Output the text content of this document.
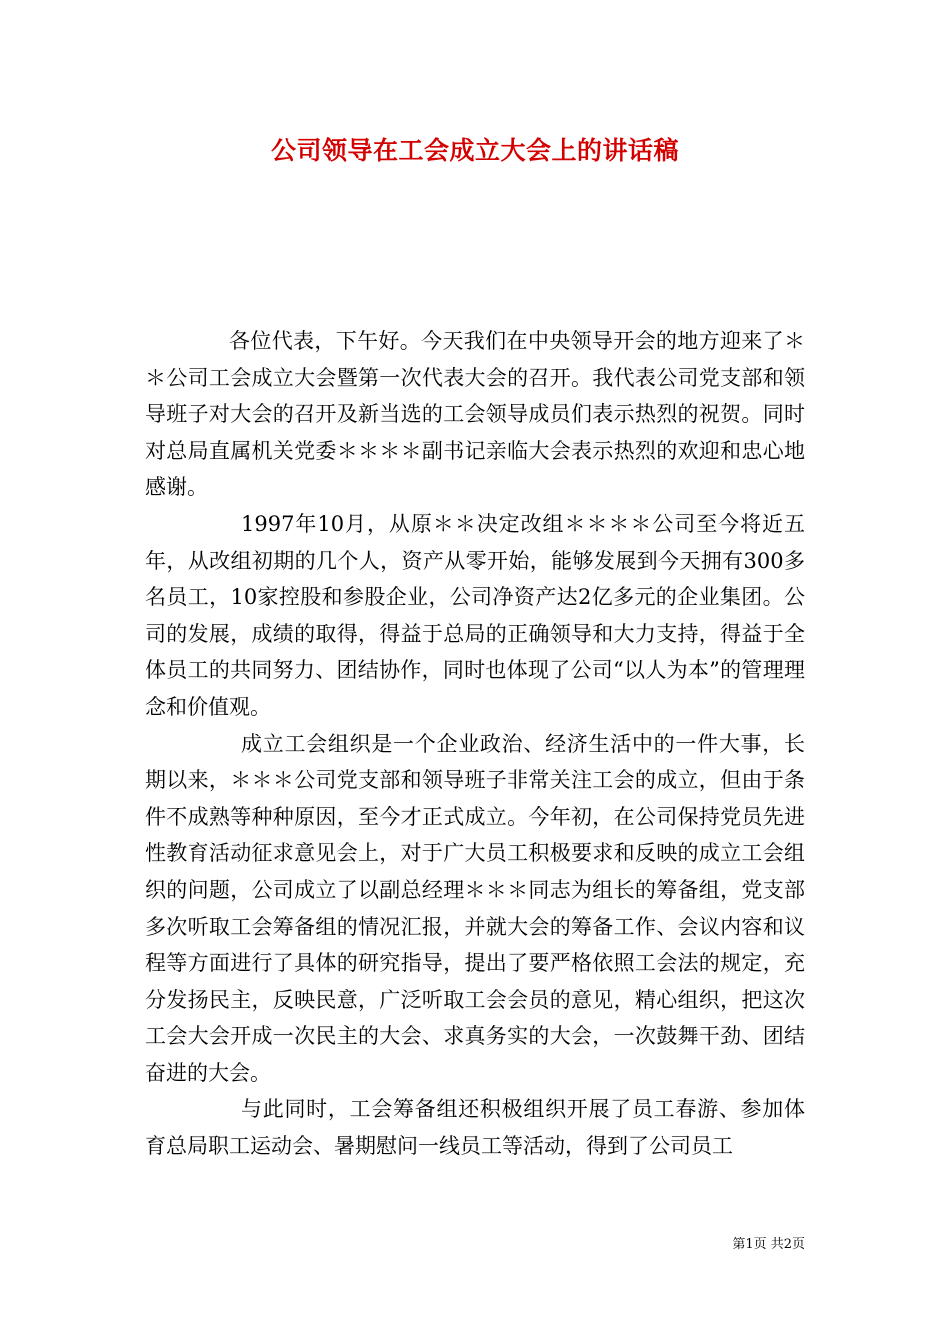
公司领导在工会成立大会上的讲话稿

各位代表，下午好。今天我们在中央领导开会的地方迎来了＊＊公司工会成立大会暨第一次代表大会的召开。我代表公司党支部和领导班子对大会的召开及新当选的工会领导成员们表示热烈的祝贺。同时对总局直属机关党委＊＊＊＊副书记亲临大会表示热烈的欢迎和忠心地感谢。

1997年10月，从原＊＊决定改组＊＊＊＊公司至今将近五年，从改组初期的几个人，资产从零开始，能够发展到今天拥有300多名员工，10家控股和参股企业，公司净资产达2亿多元的企业集团。公司的发展，成绩的取得，得益于总局的正确领导和大力支持，得益于全体员工的共同努力、团结协作，同时也体现了公司“以人为本”的管理理念和价值观。

成立工会组织是一个企业政治、经济生活中的一件大事，长期以来，＊＊＊公司党支部和领导班子非常关注工会的成立，但由于条件不成熟等种种原因，至今才正式成立。今年初，在公司保持党员先进性教育活动征求意见会上，对于广大员工积极要求和反映的成立工会组织的问题，公司成立了以副总经理＊＊＊同志为组长的筹备组，党支部多次听取工会筹备组的情况汇报，并就大会的筹备工作、会议内容和议程等方面进行了具体的研究指导，提出了要严格依照工会法的规定，充分发扬民主，反映民意，广泛听取工会会员的意见，精心组织，把这次工会大会开成一次民主的大会、求真务实的大会，一次鼓舞干劲、团结奋进的大会。

与此同时，工会筹备组还积极组织开展了员工春游、参加体育总局职工运动会、暑期慰问一线员工等活动，得到了公司员工

第1页 共2页
